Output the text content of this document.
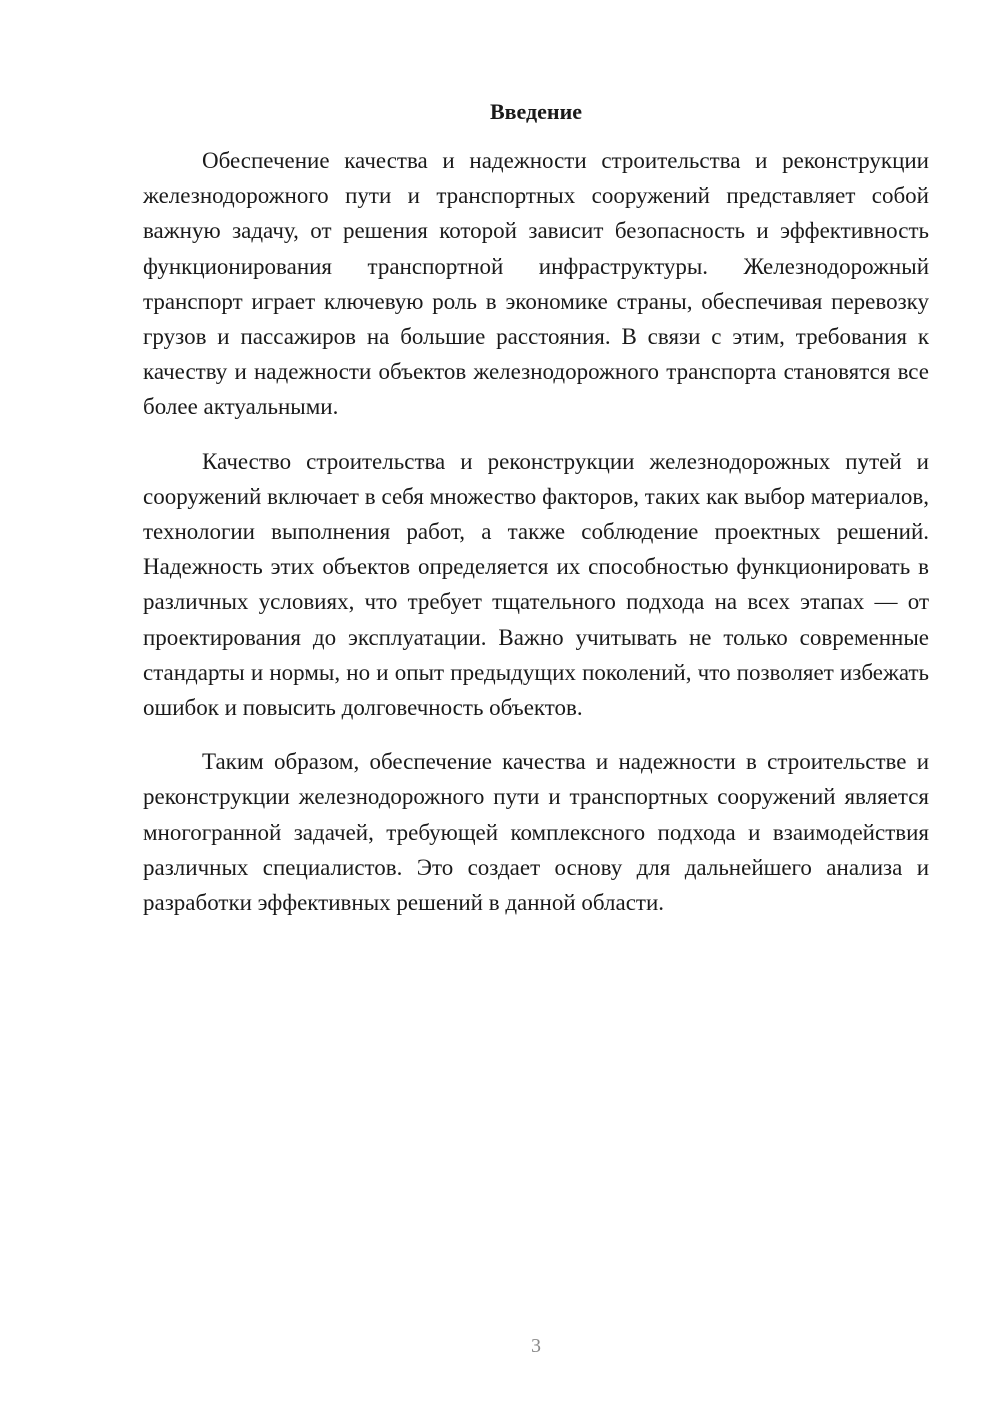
Введение

Обеспечение качества и надежности строительства и реконструкции железнодорожного пути и транспортных сооружений представляет собой важную задачу, от решения которой зависит безопасность и эффективность функционирования транспортной инфраструктуры. Железнодорожный транспорт играет ключевую роль в экономике страны, обеспечивая перевозку грузов и пассажиров на большие расстояния. В связи с этим, требования к качеству и надежности объектов железнодорожного транспорта становятся все более актуальными.

Качество строительства и реконструкции железнодорожных путей и сооружений включает в себя множество факторов, таких как выбор материалов, технологии выполнения работ, а также соблюдение проектных решений. Надежность этих объектов определяется их способностью функционировать в различных условиях, что требует тщательного подхода на всех этапах — от проектирования до эксплуатации. Важно учитывать не только современные стандарты и нормы, но и опыт предыдущих поколений, что позволяет избежать ошибок и повысить долговечность объектов.

Таким образом, обеспечение качества и надежности в строительстве и реконструкции железнодорожного пути и транспортных сооружений является многогранной задачей, требующей комплексного подхода и взаимодействия различных специалистов. Это создает основу для дальнейшего анализа и разработки эффективных решений в данной области.

3
